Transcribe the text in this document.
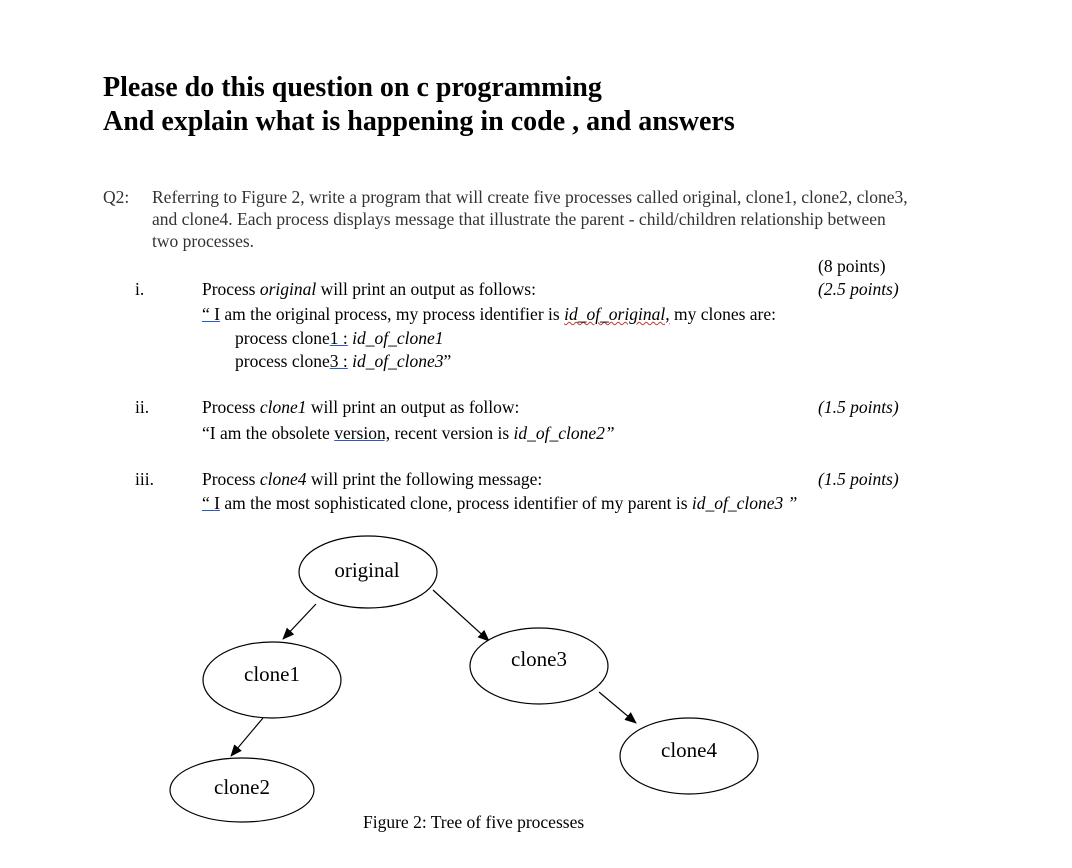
Please do this question on c programming
And explain what is happening in code , and answers
Q2: Referring to Figure 2, write a program that will create five processes called original, clone1, clone2, clone3,
and clone4. Each process displays message that illustrate the parent - child/children relationship between
two processes.
(8 points)
i.	Process original will print an output as follows:	(2.5 points)
“ I am the original process, my process identifier is id_of_original, my clones are:
process clone1 : id_of_clone1
process clone3 : id_of_clone3”
ii.	Process clone1 will print an output as follow:	(1.5 points)
“I am the obsolete version, recent version is id_of_clone2”
iii.	Process clone4 will print the following message:	(1.5 points)
“ I am the most sophisticated clone, process identifier of my parent is id_of_clone3 ”
original
clone1
clone3
clone2
clone4
Figure 2: Tree of five processes
